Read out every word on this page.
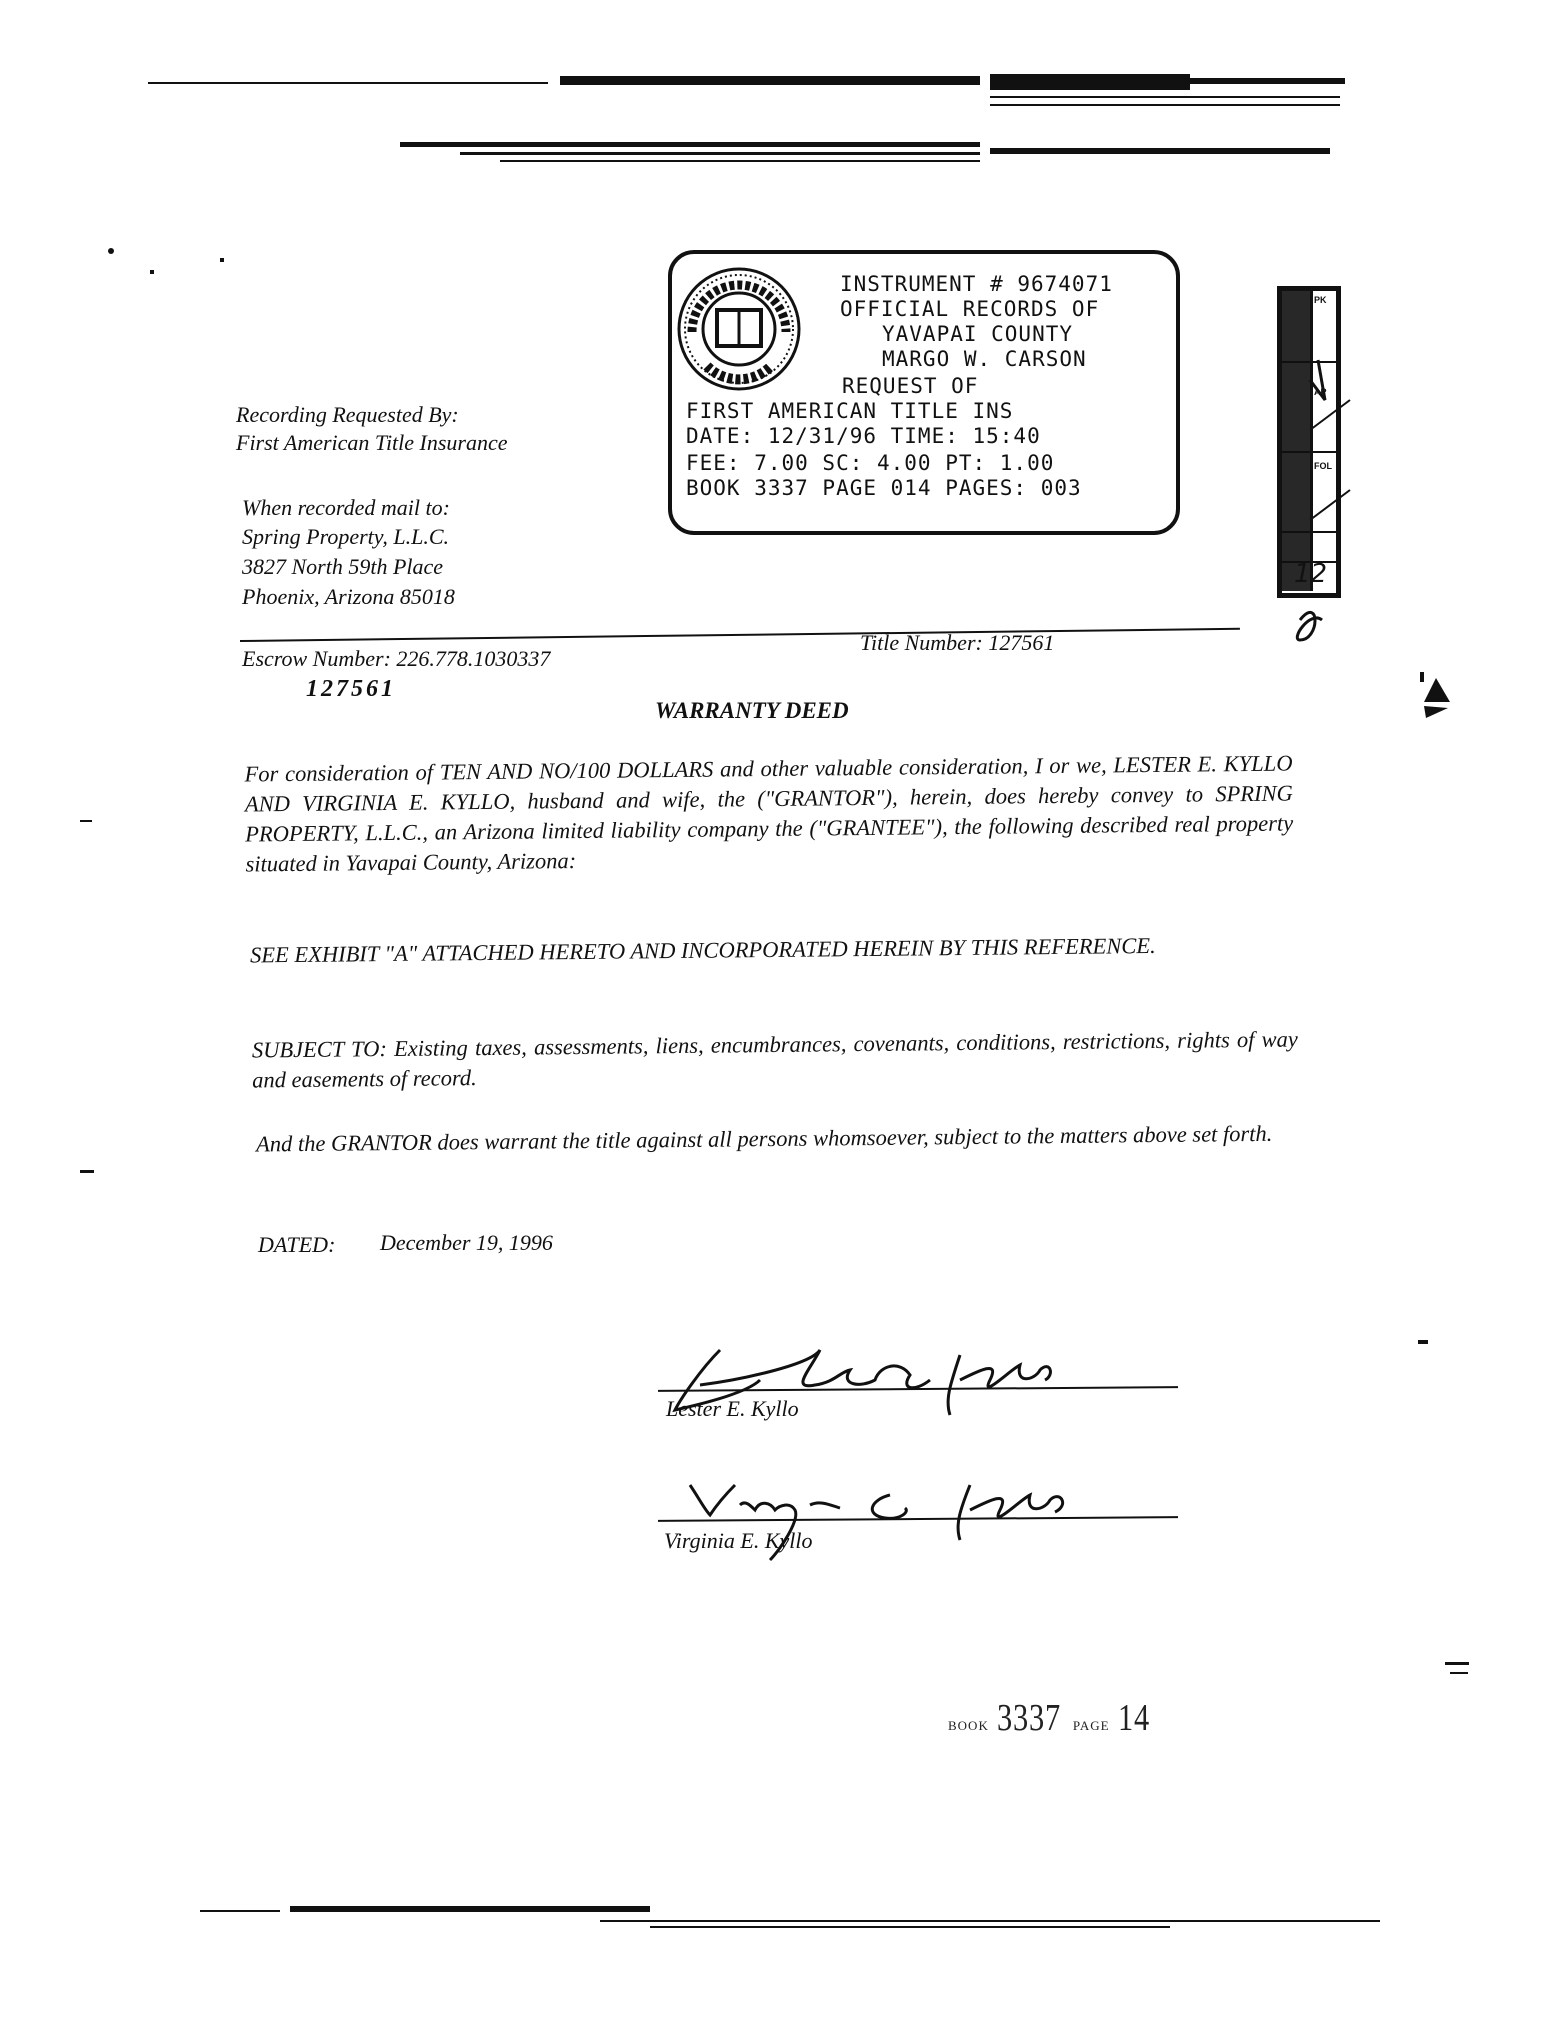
INSTRUMENT # 9674071
OFFICIAL RECORDS OF
YAVAPAI COUNTY
MARGO W. CARSON
REQUEST OF
FIRST AMERICAN TITLE INS
DATE: 12/31/96 TIME: 15:40
FEE: 7.00 SC: 4.00 PT: 1.00
BOOK 3337 PAGE 014 PAGES: 003
PK
AP
FOL
12
Recording Requested By:
First American Title Insurance
When recorded mail to:
Spring Property, L.L.C.
3827 North 59th Place
Phoenix, Arizona 85018
Escrow Number: 226.778.1030337
127561
Title Number: 127561
WARRANTY DEED
For consideration of TEN AND NO/100 DOLLARS and other valuable consideration, I or we, LESTER E. KYLLO AND VIRGINIA E. KYLLO, husband and wife, the ("GRANTOR"), herein, does hereby convey to SPRING PROPERTY, L.L.C., an Arizona limited liability company the ("GRANTEE"), the following described real property situated in Yavapai County, Arizona:
SEE EXHIBIT "A" ATTACHED HERETO AND INCORPORATED HEREIN BY THIS REFERENCE.
SUBJECT TO: Existing taxes, assessments, liens, encumbrances, covenants, conditions, restrictions, rights of way and easements of record.
And the GRANTOR does warrant the title against all persons whomsoever, subject to the matters above set forth.
DATED: December 19, 1996
Lester E. Kyllo
Virginia E. Kyllo
BOOK 3337 PAGE 14
